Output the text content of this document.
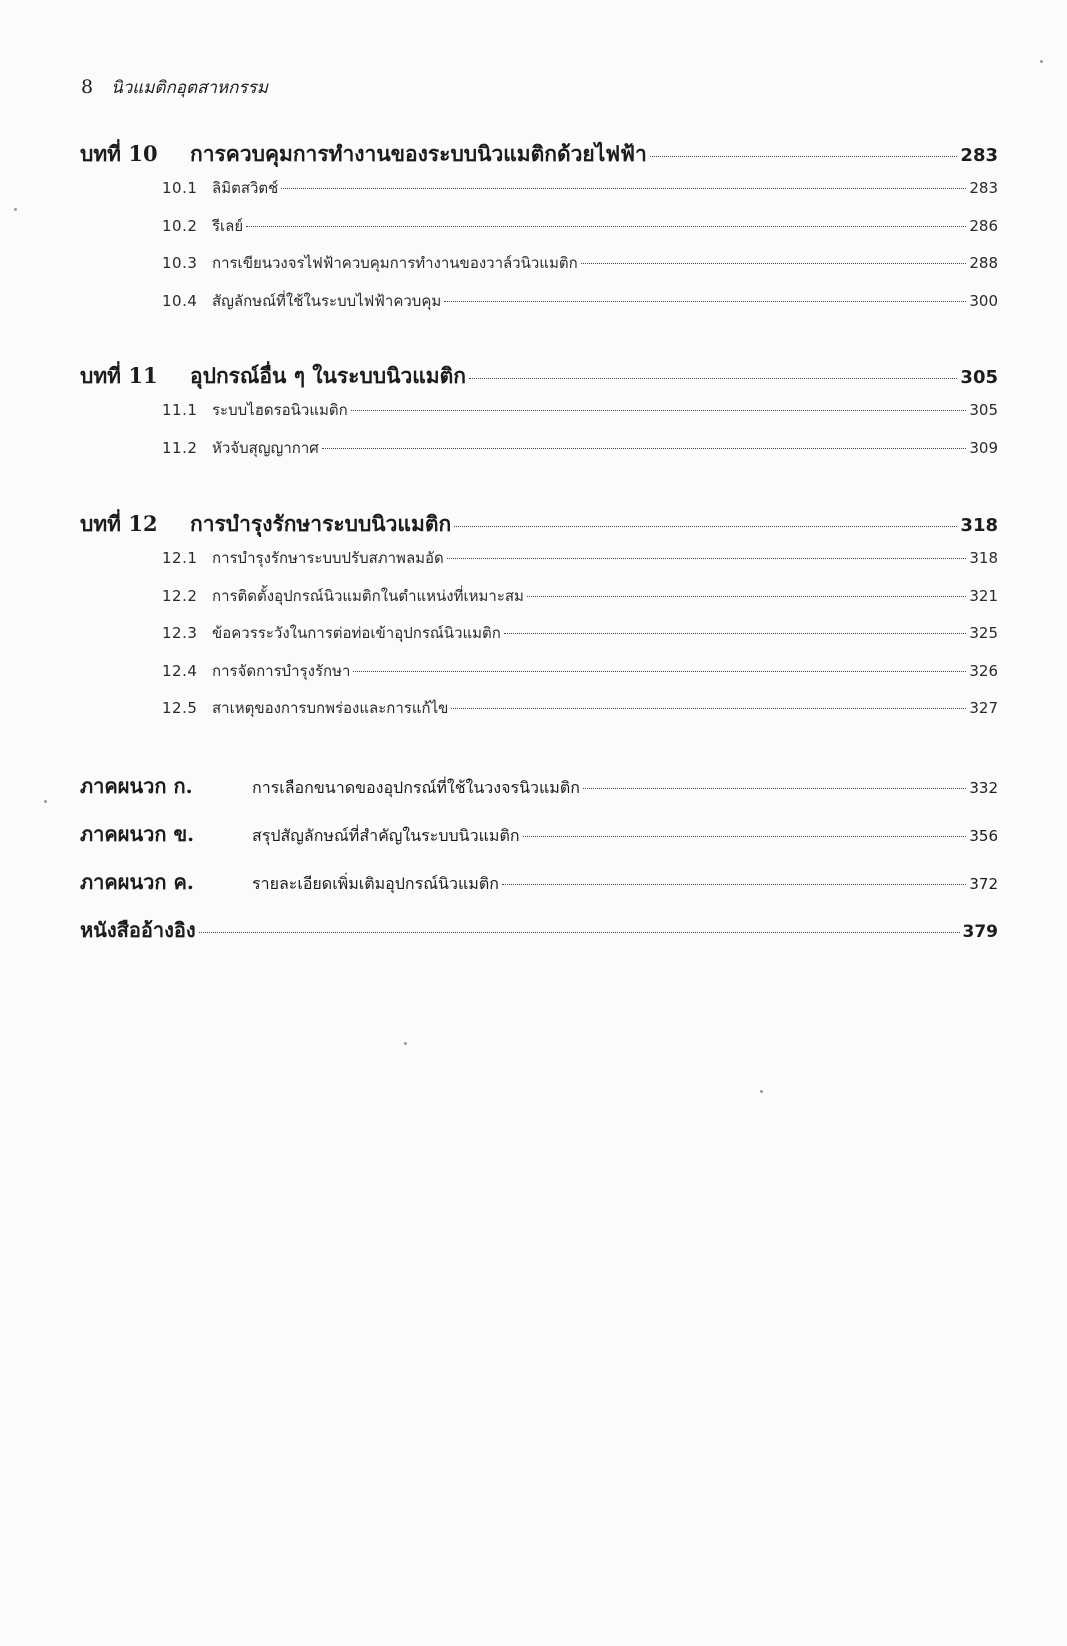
8 นิวแมติกอุตสาหกรรม
บทที่ 10	การควบคุมการทำงานของระบบนิวแมติกด้วยไฟฟ้า	283
10.1 ลิมิตสวิตช์	283
10.2 รีเลย์	286
10.3 การเขียนวงจรไฟฟ้าควบคุมการทำงานของวาล์วนิวแมติก	288
10.4 สัญลักษณ์ที่ใช้ในระบบไฟฟ้าควบคุม	300
บทที่ 11	อุปกรณ์อื่น ๆ ในระบบนิวแมติก	305
11.1 ระบบไฮดรอนิวแมติก	305
11.2 หัวจับสุญญากาศ	309
บทที่ 12	การบำรุงรักษาระบบนิวแมติก	318
12.1 การบำรุงรักษาระบบปรับสภาพลมอัด	318
12.2 การติดตั้งอุปกรณ์นิวแมติกในตำแหน่งที่เหมาะสม	321
12.3 ข้อควรระวังในการต่อท่อเข้าอุปกรณ์นิวแมติก	325
12.4 การจัดการบำรุงรักษา	326
12.5 สาเหตุของการบกพร่องและการแก้ไข	327
ภาคผนวก ก.	การเลือกขนาดของอุปกรณ์ที่ใช้ในวงจรนิวแมติก	332
ภาคผนวก ข.	สรุปสัญลักษณ์ที่สำคัญในระบบนิวแมติก	356
ภาคผนวก ค.	รายละเอียดเพิ่มเติมอุปกรณ์นิวแมติก	372
หนังสืออ้างอิง	379
